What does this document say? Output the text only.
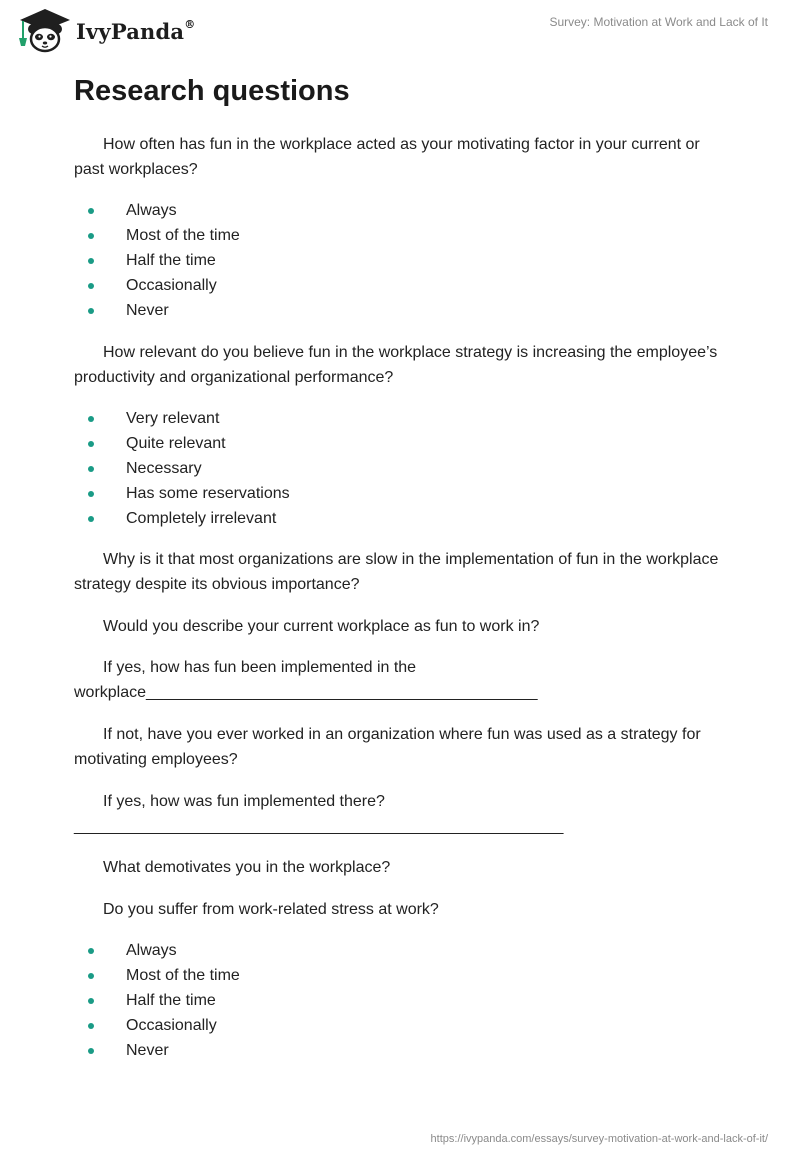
IvyPanda®	Survey: Motivation at Work and Lack of It
Research questions

How often has fun in the workplace acted as your motivating factor in your current or past workplaces?

Always
Most of the time
Half the time
Occasionally
Never

How relevant do you believe fun in the workplace strategy is increasing the employee’s productivity and organizational performance?

Very relevant
Quite relevant
Necessary
Has some reservations
Completely irrelevant

Why is it that most organizations are slow in the implementation of fun in the workplace strategy despite its obvious importance?

Would you describe your current workplace as fun to work in?

If yes, how has fun been implemented in the workplace____________________________________________

If not, have you ever worked in an organization where fun was used as a strategy for motivating employees?

If yes, how was fun implemented there?

_______________________________________________________

What demotivates you in the workplace?

Do you suffer from work-related stress at work?

Always
Most of the time
Half the time
Occasionally
Never
https://ivypanda.com/essays/survey-motivation-at-work-and-lack-of-it/
